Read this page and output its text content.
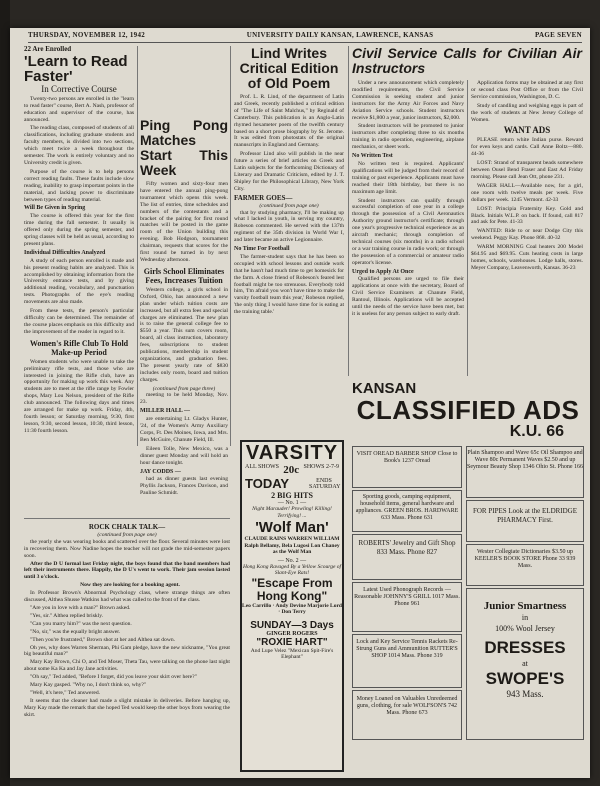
THURSDAY, NOVEMBER 12, 1942	UNIVERSITY DAILY KANSAN, LAWRENCE, KANSAS	PAGE SEVEN
22 Are Enrolled
'Learn to Read Faster'
In Corrective Course

Twenty-two persons are enrolled in the "learn to read faster" course, Bert A. Nash, professor of education and supervisor of the course, has announced.

The reading class, composed of students of all classifications, including graduate students and faculty members, is divided into two sections, which meet twice a week throughout the semester. The work is entirely voluntary and no University credit is given.

Purpose of the course is to help persons correct reading faults. These faults include slow reading, inability to grasp important points in the material, and lacking power to discriminate between types of reading material.

Will Be Given in Spring

The course is offered this year for the first time during the fall semester. It usually is offered only during the spring semester, and spring classes will be held as usual, according to present plans.

Individual Difficulties Analyzed

A study of each person enrolled is made and his present reading habits are analyzed. This is accomplished by obtaining information from the University entrance tests, and by giving additional reading, vocabulary, and punctuation tests. Photographs of the eye's reading movements are also made.

From these tests, the person's particular difficulty can be determined. The remainder of the course places emphasis on this difficulty and the improvement of the reader in regard to it.

Women's Rifle Club To Hold Make-up Period

Women students who were unable to take the preliminary rifle tests, and those who are interested in joining the Rifle club, have an opportunity for making up work this week. Any students are to meet at the rifle range by Fowler shops, Mary Lou Nelson, president of the Rifle club announced. The following days and times are arranged for make up work. Friday, 4th, fourth lesson; or Saturday morning, 9:30, first lesson, 9:30, second lesson, 10:30, third lesson, 11:30 fourth lesson.

Ping Pong Matches Start This Week

Fifty women and sixty-four men have entered the annual ping-pong tournament which opens this week. The list of entries, time schedules and numbers of the contestants and a bracket of the pairing for first round matches will be posted in the game room of the Union building this evening. Bob Hodgson, tournament chairman, requests that scores for the first round be turned in by next Wednesday afternoon.

Girls School Eliminates Fees, Increases Tuition

Western college, a girls school in Oxford, Ohio, has announced a new plan under which tuition costs are increased, but all extra fees and special charges are eliminated. The new plan is to raise the general college fee to $550 a year. This sum covers room, board, all class instruction, laboratory fees, subscriptions to student publications, membership in student organizations, and graduation fees. The present yearly rate of $830 includes only room, board and tuition charges.

(continued from page three)

meeting to be held Monday, Nov. 23.

MILLER HALL —

are entertaining Lt. Gladys Hunter, '24, of the Women's Army Auxiliary Corps, Ft. Des Moines, Iowa, and Mrs. Ben McGuire, Chanute Field, Ill.

Eileen Tolle, New Mexico, was a dinner guest Monday and will hold an hour dance tonight.

JAY CODDS —

had as dinner guests last evening Phyllis Jackson, Frances Davison, and Pauline Schmidt.

Lind Writes Critical Edition of Old Poem

Prof. L. R. Lind, of the department of Latin and Greek, recently published a critical edition of "The Life of Saint Malchus," by Reginald of Canterbury. This publication is an Anglo-Latin rhymed hexameter poem of the twelfth century based on a short prose biography by St. Jerome. It was edited from photostats of the original manuscripts in England and Germany.

Professor Lind also will publish in the near future a series of brief articles on Greek and Latin subjects for the forthcoming Dictionary of Literary and Dramatic Criticism, edited by J. T. Shipley for the Philosophical Library, New York City.

FARMER GOES—
(continued from page one)

that by studying pharmacy, I'll be making up what I lacked in youth, in serving my country, Robeson commented. He served with the 137th regiment of the 35th division in World War I, and later became an active Legionnaire.

No Time For Football

The farmer-student says that he has been so occupied with school lessons and outside work that he hasn't had much time to get homesick for the farm. A close friend of Robeson's feared lest football might be too strenuous. Everybody told him, 'I'm afraid you won't have time to make the varsity football team this year,' Robeson replied, 'the only thing I would have time for is eating at the training table.'

VARSITY
ALL SHOWS 20c SHOWS 2-7-9
TODAY	ENDS SATURDAY
2 BIG HITS
— No. 1 —
Night Marauder! Prowling! Killing! Terrifying! ...
'Wolf Man'
CLAUDE RAINS WARREN WILLIAM Ralph Bellamy, Bela Lugosi Lon Chaney as the Wolf Man
— No. 2 —
Hong Kong Ravaged By a Yellow Scourge of Slant-Eye Rats!
"Escape From Hong Kong"
Leo Carrillo · Andy Devine Marjorie Lord · Don Terry
SUNDAY—3 Days
GINGER ROGERS
"ROXIE HART"
And Lupe Velez "Mexican Spit-Fire's Elephant"
Civil Service Calls for Civilian Air Instructors

Under a new announcement which completely modified requirements, the Civil Service Commission is seeking student and junior instructors for the Army Air Forces and Navy Aviation Service schools. Student instructors receive $1,800 a year, junior instructors, $2,000.

Student instructors will be promoted to junior instructors after completing three to six months training in radio operation, engineering, airplane mechanics, or sheet work.

No Written Test

No written test is required. Applicants' qualifications will be judged from their record of training or past experience. Applicants must have reached their 18th birthday, but there is no maximum age limit.

Student instructors can qualify through successful completion of one year in a college through the possession of a Civil Aeronautics Authority ground instructor's certificate; through one year's progressive technical experience as an aircraft mechanic; through completion of technical courses (six months) in a radio school or a war training course in radio work; or through the possession of a commercial or amateur radio operator's license.

Urged to Apply At Once

Qualified persons are urged to file their applications at once with the secretary, Board of Civil Service Examiners at Chanute Field, Rantoul, Illinois. Applications will be accepted until the needs of the service have been met, but it is useless for any person subject to early draft.

Application forms may be obtained at any first or second class Post Office or from the Civil Service commission, Washington, D. C.

Study of candling and weighing eggs is part of the work of students at New Jersey College of Women.

WANT ADS

PLEASE return white Indian purse. Reward for even keys and cards. Call Anne Boltz—880. 44-36

LOST: Strand of transparent beads somewhere between Ousel Bend Fraser and East Ad Friday morning. Please call Jean Ott, phone 231.

WAGER HALL—Available now, for a girl, one room with twelve meals per week. Five dollars per week. 1245 Vermont. 42-33

LOST: Principia Fraternity Key. Gold and Black. Initials W.L.P. on back. If found, call 817 and ask for Pete. 41-33

WANTED: Ride to or near Dodge City this weekend. Peggy Kay. Phone 868. 40-32

WARM MORNING Coal heaters 200 Model $64.95 and $69.95. Cuts heating costs in large homes, schools, warehouses. Lodge halls, stores. Meyer Company, Leavenworth, Kansas. 36-23

KANSAN
CLASSIFIED ADS
K.U. 66
VISIT OREAD BARBER SHOP Close to Book's 1237 Oread
Plain Shampoo and Wave 65c Oil Shampoo and Wave 80c Permanent Waves $2.50 and up Seymour Beauty Shop 1346 Ohio St. Phone 166
Sporting goods, camping equipment, household items, general hardware and appliances. GREEN BROS. HARDWARE 633 Mass. Phone 631
FOR PIPES Look at the ELDRIDGE PHARMACY First.
ROBERTS' Jewelry and Gift Shop 833 Mass. Phone 827	Wester Collegiate Dictionaries $3.50 up KEELER'S BOOK STORE Phone 33 939 Mass.
Latest Used Phonograph Records — Reasonable JOHNNY'S GRILL 1017 Mass. Phone 961
Lock and Key Service Tennis Rackets Re-Strung Guns and Ammunition RUTTER'S SHOP 1014 Mass. Phone 319
Money Loaned on Valuables Unredeemed guns, clothing, for sale WOLFSON'S 742 Mass. Phone 673
Junior Smartness
in
100% Wool Jersey
DRESSES
at
SWOPE'S
943 Mass.
ROCK CHALK TALK—
(continued from page one)

the yearly she was wearing books and scattered over the floor. Several minutes were lost in recovering them. Now Nadine hopes the teacher will not grade the mid-semester papers soon.

After the D U formal last Friday night, the boys found that the band members had left their instruments there. Happily, the D U's went to work. Their jam session lasted until 3 o'clock.

Now they are looking for a booking agent.

In Professor Brown's Abnormal Psychology class, where strange things are often discussed, Althea Shusse Watkins had what was called to the front of the class.

"Are you in love with a man?" Brown asked.

"Yes, sir." Althea replied briskly.

"Can you marry him?" was the next question.

"No, sir," was the equally bright answer.

"Then you're frustrated," Brown shot at her and Althea sat down.

Oh yes, why does Warren Sherman, Phi Gam pledge, have the new nickname, "You great big beautiful man?"

Mary Kay Brown, Chi O, and Ted Moser, Theta Tau, were talking on the phone last night about some Ka Ka and Jay Jane activities.

"Oh say," Ted added, "Before I forget, did you leave your skirt over here?"

Mary Kay gasped. "Why no, I don't think so, why?"

"Well, it's here," Ted answered.

It seems that the cleaner had made a slight mistake in deliveries. Before hanging up, Mary Kay made the remark that she hoped Ted would keep the other boys from wearing the skirt.
